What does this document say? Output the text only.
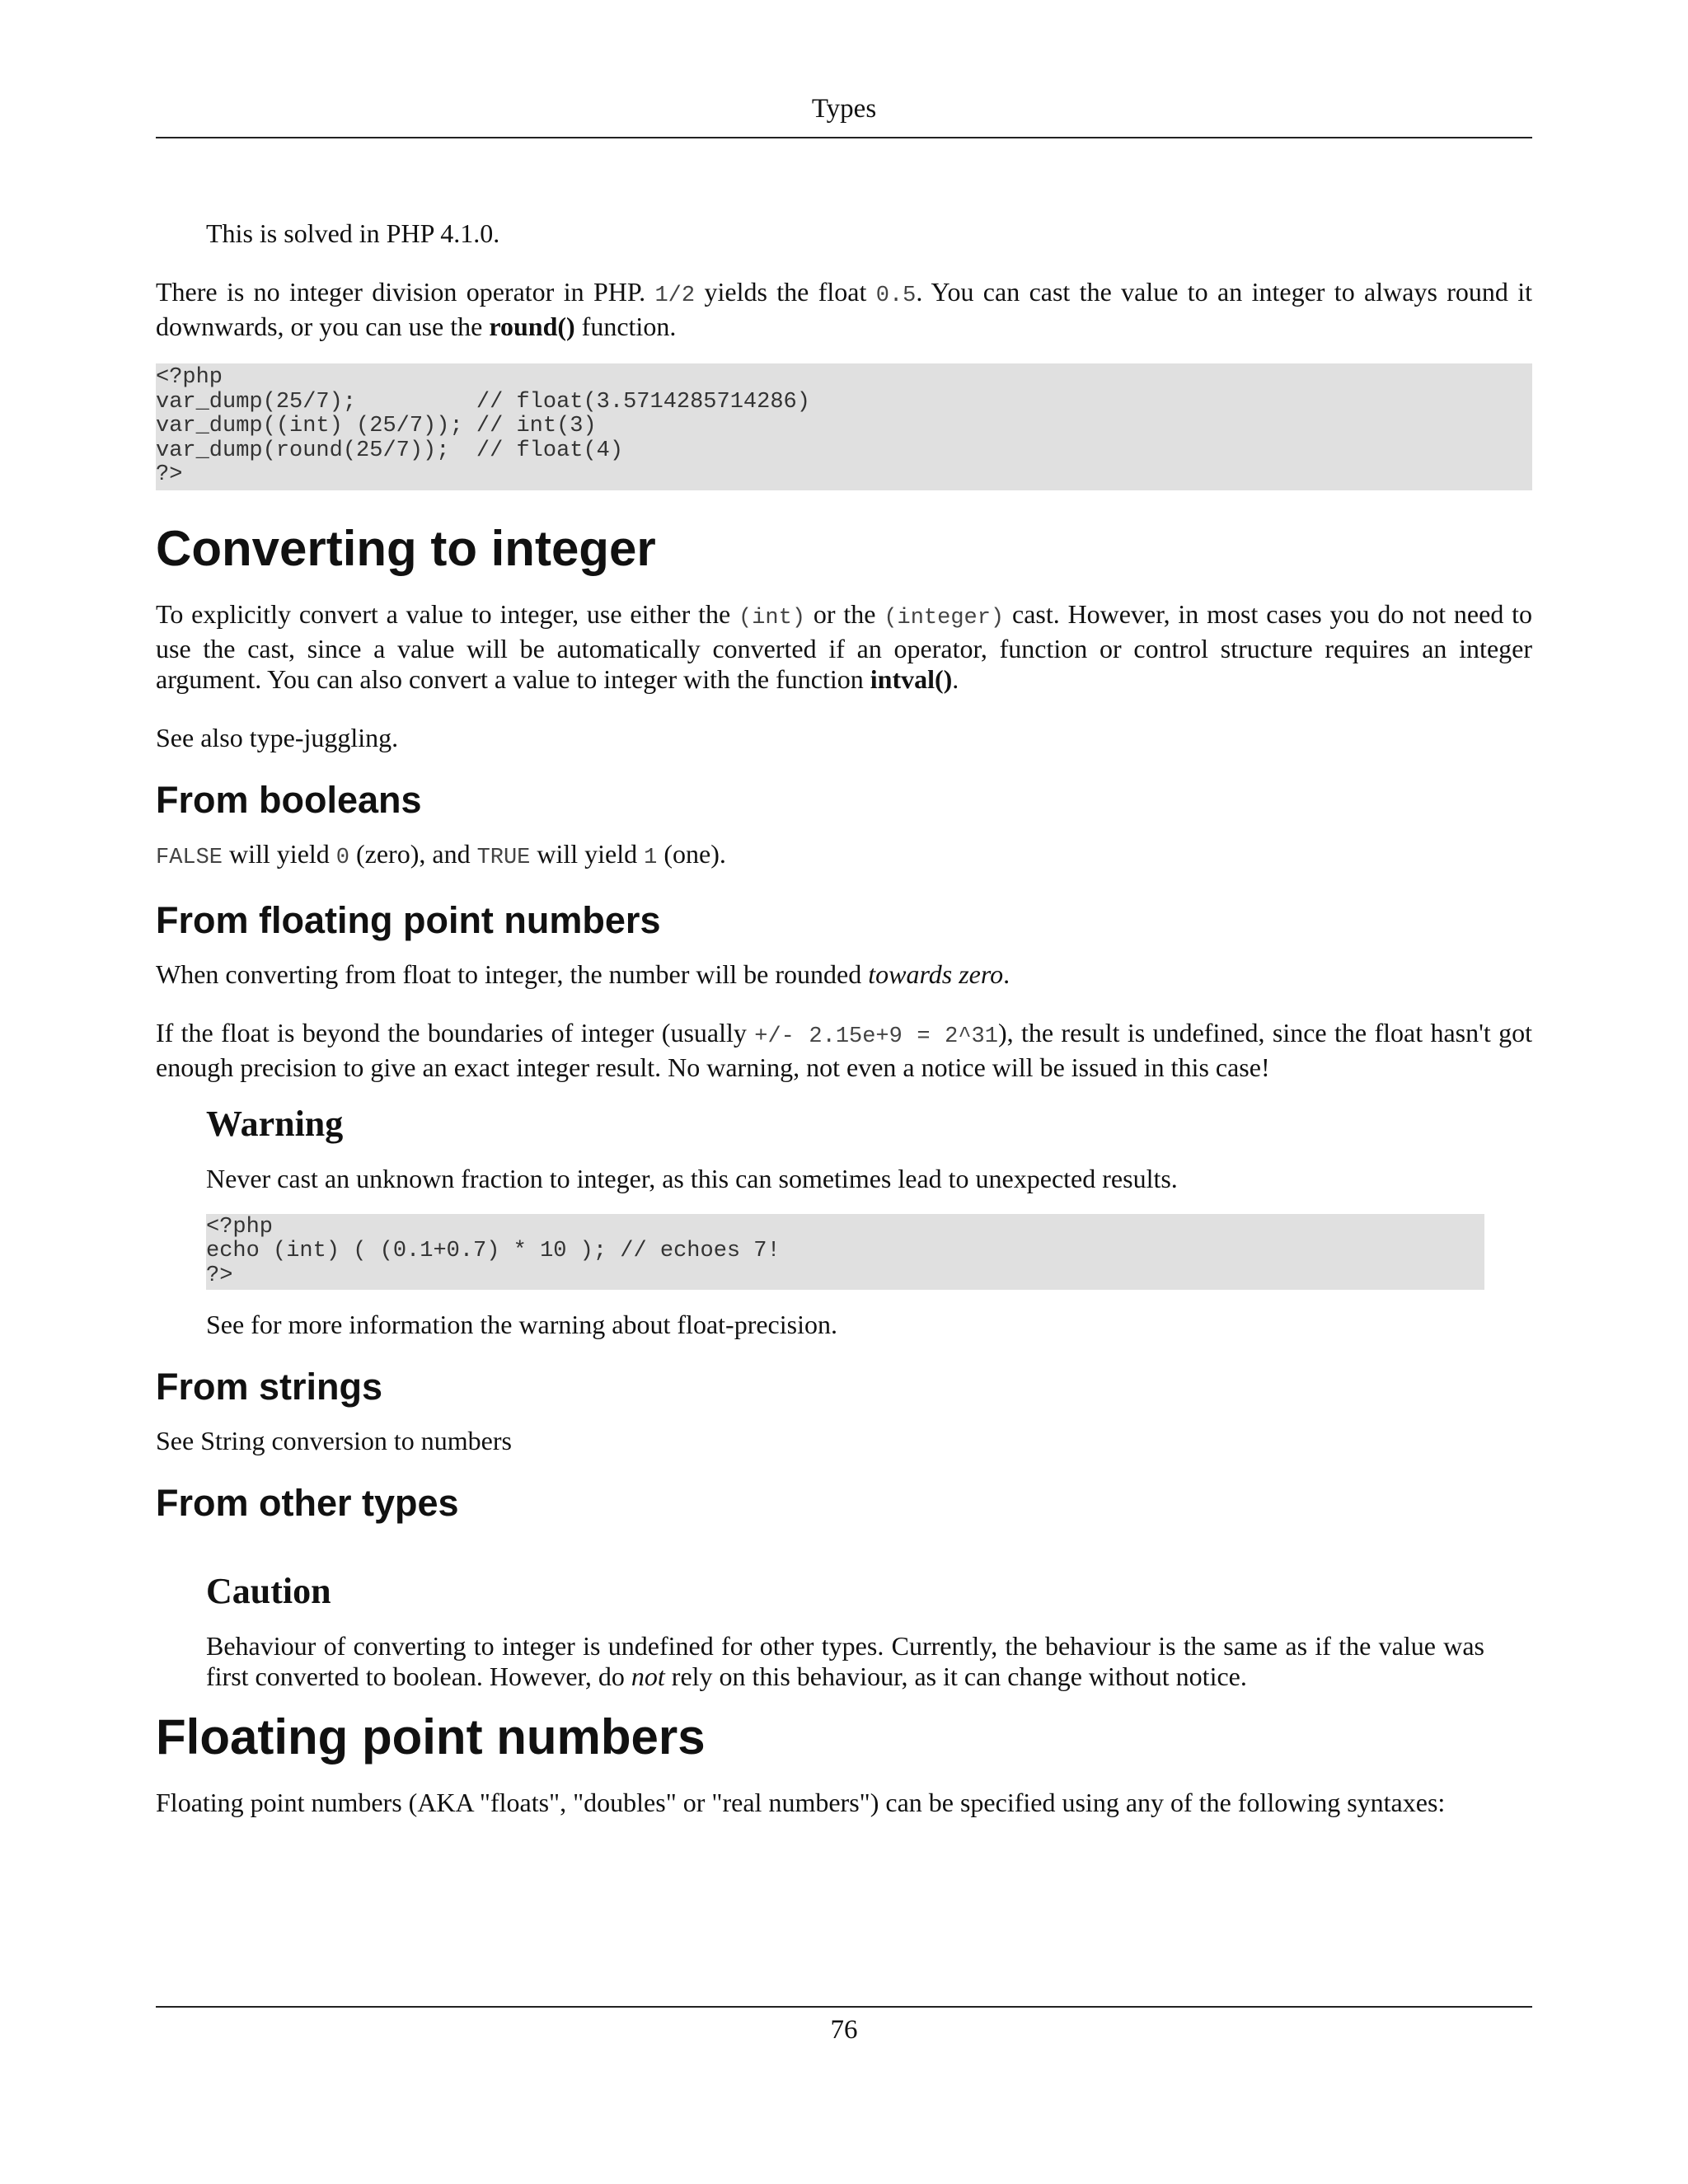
Types

This is solved in PHP 4.1.0.

There is no integer division operator in PHP. 1/2 yields the float 0.5. You can cast the value to an integer to always round it downwards, or you can use the round() function.

<?php
var_dump(25/7);         // float(3.5714285714286)
var_dump((int) (25/7)); // int(3)
var_dump(round(25/7));  // float(4)
?>
Converting to integer

To explicitly convert a value to integer, use either the (int) or the (integer) cast. However, in most cases you do not need to use the cast, since a value will be automatically converted if an operator, function or control structure requires an integer argument. You can also convert a value to integer with the function intval().

See also type-juggling.

From booleans

FALSE will yield 0 (zero), and TRUE will yield 1 (one).

From floating point numbers

When converting from float to integer, the number will be rounded towards zero.

If the float is beyond the boundaries of integer (usually +/- 2.15e+9 = 2^31), the result is undefined, since the float hasn't got enough precision to give an exact integer result. No warning, not even a notice will be issued in this case!

Warning

Never cast an unknown fraction to integer, as this can sometimes lead to unexpected results.

<?php
echo (int) ( (0.1+0.7) * 10 ); // echoes 7!
?>

See for more information the warning about float-precision.

From strings

See String conversion to numbers

From other types
Caution

Behaviour of converting to integer is undefined for other types. Currently, the behaviour is the same as if the value was first converted to boolean. However, do not rely on this behaviour, as it can change without notice.

Floating point numbers

Floating point numbers (AKA "floats", "doubles" or "real numbers") can be specified using any of the following syntaxes:

76
